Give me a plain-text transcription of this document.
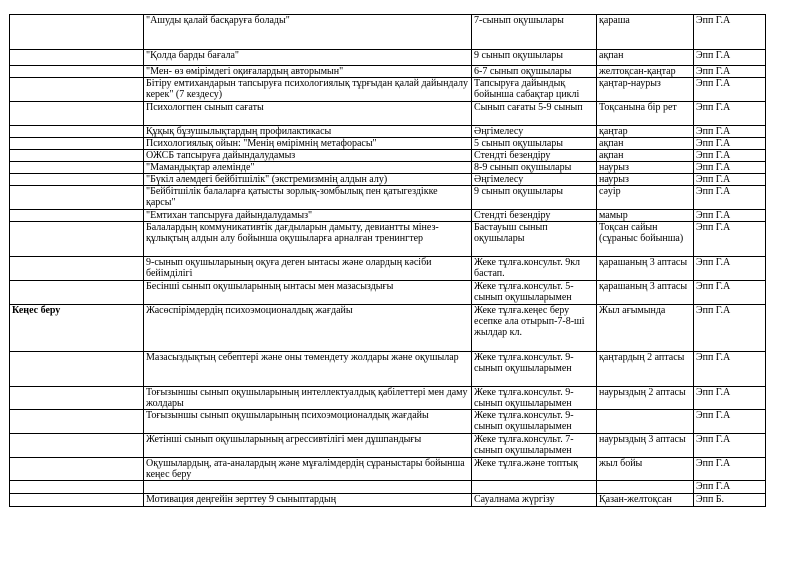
	"Ашуды қалай басқаруға болады"	7-сынып оқушылары	қараша	Эпп Г.А
	"Қолда барды бағала"	9 сынып оқушылары	ақпан	Эпп Г.А
	"Мен- өз өмірімдегі оқиғалардың авторымын"	6-7 сынып оқушылары	желтоқсан-қаңтар	Эпп Г.А
	Бітіру емтихандарын тапсыруға психологиялық тұрғыдан қалай дайындалу керек" (7 кездесу)	Тапсыруға дайындық бойынша сабақтар циклі	қаңтар-наурыз	Эпп Г.А
	Психологпен сынып сағаты	Сынып сағаты 5-9 сынып	Тоқсанына бір рет	Эпп Г.А
	Құқық бұзушылықтардың профилактикасы	Әңгімелесу	қаңтар	Эпп Г.А
	Психологиялық ойын: "Менің өмірімнің метафорасы"	5 сынып оқушылары	ақпан	Эпп Г.А
	ОЖСБ тапсыруға дайындалудамыз	Стендті безендіру	ақпан	Эпп Г.А
	"Мамандықтар әлемінде"	8-9 сынып оқушылары	наурыз	Эпп Г.А
	"Бүкіл әлемдегі бейбітшілік" (экстремизмнің алдын алу)	Әңгімелесу	наурыз	Эпп Г.А
	"Бейбітшілік балаларға қатысты зорлық-зомбылық пен қатыгездікке қарсы"	9 сынып оқушылары	сәуір	Эпп Г.А
	"Емтихан тапсыруға дайындалудамыз"	Стендті безендіру	мамыр	Эпп Г.А
	Балалардың коммуникативтік дағдыларын дамыту, девиантты мінез-құлықтың алдын алу бойынша оқушыларға арналған тренингтер	Бастауыш сынып оқушылары	Тоқсан сайын (сұраныс бойынша)	Эпп Г.А
	9-сынып оқушыларының оқуға деген ынтасы және олардың кәсіби бейімділігі	Жеке тұлға.консульт. 9кл бастап.	қарашаның 3 аптасы	Эпп Г.А
	Бесінші сынып оқушыларының ынтасы мен мазасыздығы	Жеке тұлға.консульт. 5-сынып оқушыларымен	қарашаның 3 аптасы	Эпп Г.А
Кеңес беру	Жасөспірімдердің психоэмоционалдық жағдайы	Жеке тұлға.кеңес беру есепке ала отырып-7-8-ші жылдар кл.	Жыл ағымында	Эпп Г.А
	Мазасыздықтың себептері және оны төмендету жолдары және оқушылар	Жеке тұлға.консульт. 9-сынып оқушыларымен	қаңтардың 2 аптасы	Эпп Г.А
	Тоғызыншы сынып оқушыларының интеллектуалдық қабілеттері мен даму жолдары	Жеке тұлға.консульт. 9-сынып оқушыларымен	наурыздың 2 аптасы	Эпп Г.А
	Тоғызыншы сынып оқушыларының психоэмоционалдық жағдайы	Жеке тұлға.консульт. 9-сынып оқушыларымен		Эпп Г.А
	Жетінші сынып оқушыларының агрессивтілігі мен дұшпандығы	Жеке тұлға.консульт. 7-сынып оқушыларымен	наурыздың 3 аптасы	Эпп Г.А
	Оқушылардың, ата-аналардың және мұғалімдердің сұраныстары бойынша кеңес беру	Жеке тұлға.және топтық	жыл бойы	Эпп Г.А
				Эпп Г.А
	Мотивация деңгейін зерттеу 9 сыныптардың	Сауалнама жүргізу	Қазан-желтоқсан	Эпп Б.
